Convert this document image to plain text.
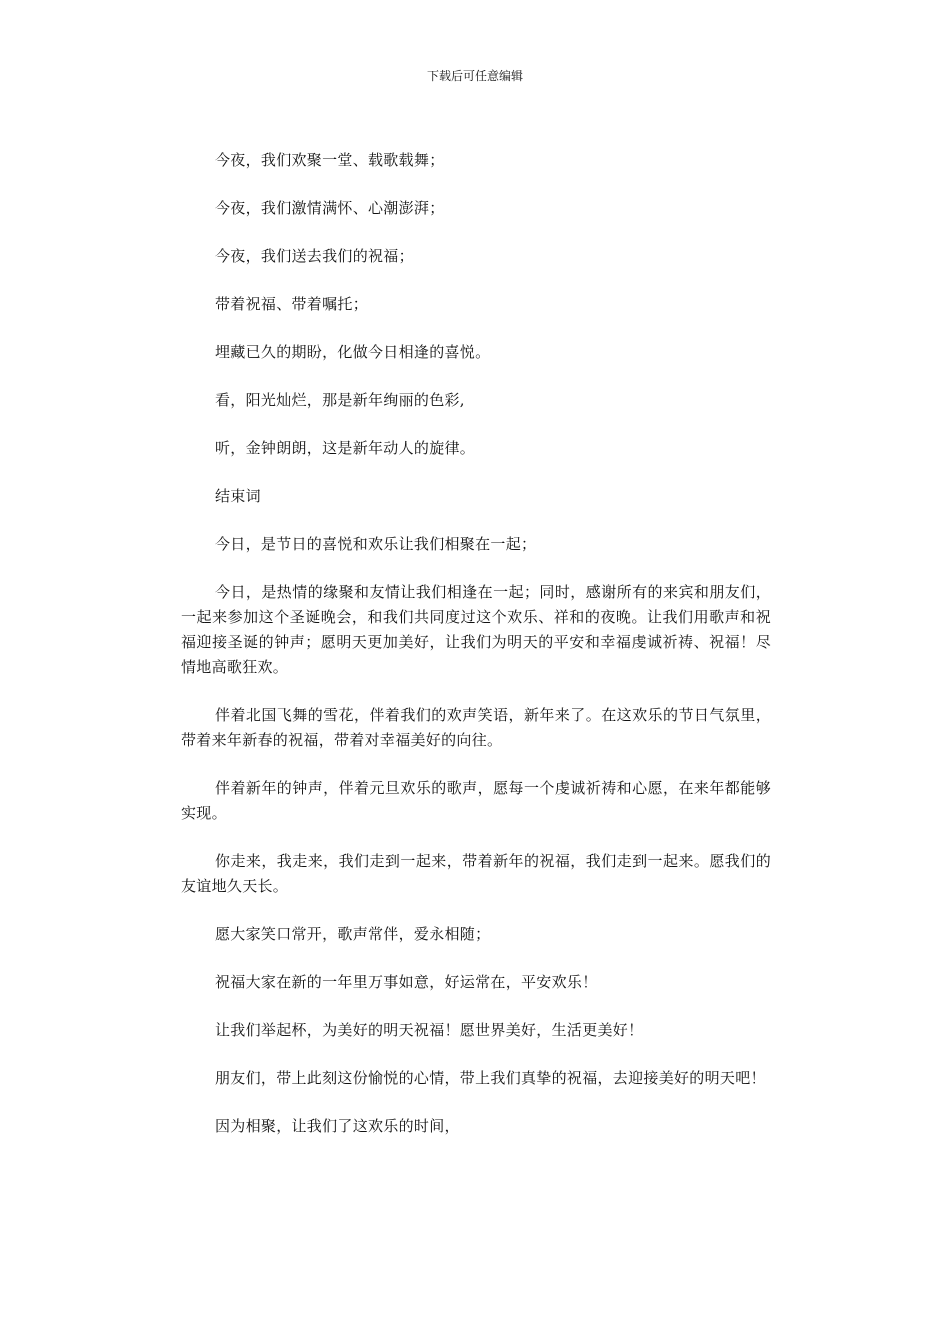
下载后可任意编辑

今夜，我们欢聚一堂、载歌载舞；

今夜，我们激情满怀、心潮澎湃；

今夜，我们送去我们的祝福；

带着祝福、带着嘱托；

埋藏已久的期盼，化做今日相逢的喜悦。

看，阳光灿烂，那是新年绚丽的色彩,

听，金钟朗朗，这是新年动人的旋律。

结束词

今日，是节日的喜悦和欢乐让我们相聚在一起；

今日，是热情的缘聚和友情让我们相逢在一起；同时，感谢所有的来宾和朋友们，一起来参加这个圣诞晚会，和我们共同度过这个欢乐、祥和的夜晚。让我们用歌声和祝福迎接圣诞的钟声；愿明天更加美好，让我们为明天的平安和幸福虔诚祈祷、祝福！尽情地高歌狂欢。

伴着北国飞舞的雪花，伴着我们的欢声笑语，新年来了。在这欢乐的节日气氛里，带着来年新春的祝福，带着对幸福美好的向往。

伴着新年的钟声，伴着元旦欢乐的歌声，愿每一个虔诚祈祷和心愿，在来年都能够实现。

你走来，我走来，我们走到一起来，带着新年的祝福，我们走到一起来。愿我们的友谊地久天长。

愿大家笑口常开，歌声常伴，爱永相随；

祝福大家在新的一年里万事如意，好运常在，平安欢乐！

让我们举起杯，为美好的明天祝福！愿世界美好，生活更美好！

朋友们，带上此刻这份愉悦的心情，带上我们真挚的祝福，去迎接美好的明天吧！

因为相聚，让我们了这欢乐的时间，
